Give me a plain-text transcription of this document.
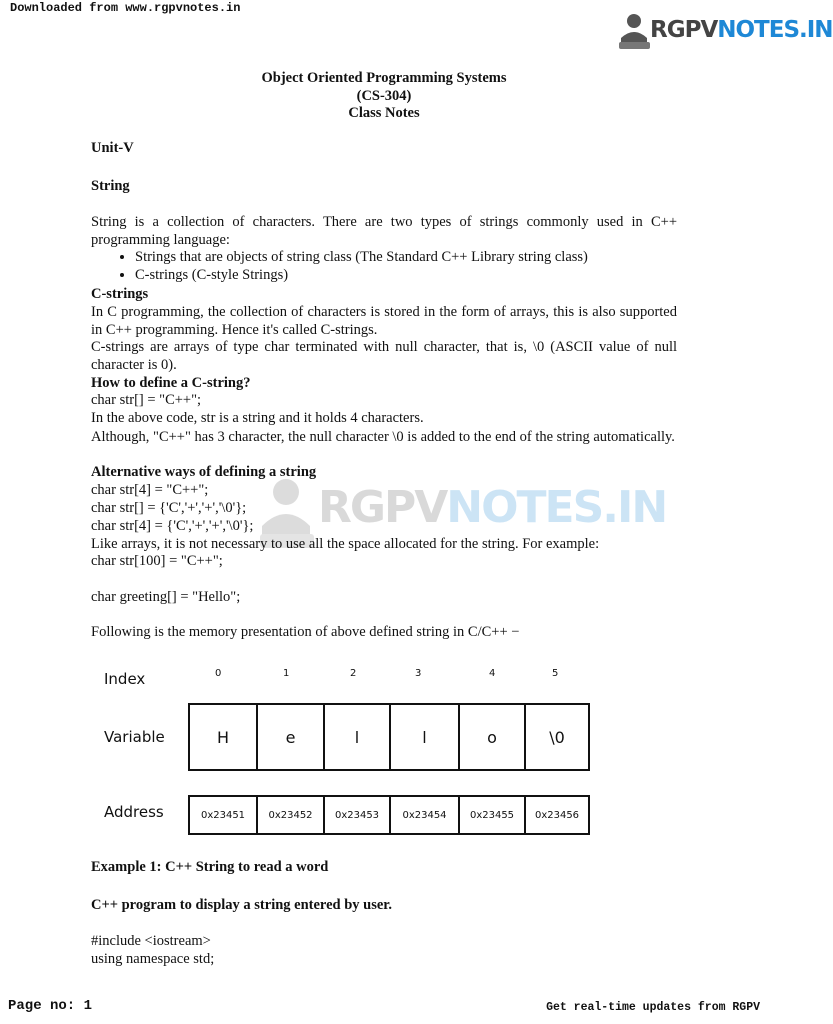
Downloaded from www.rgpvnotes.in
RGPVNOTES.IN
RGPVNOTES.IN
Object Oriented Programming Systems
(CS-304)
Class Notes
Unit-V
String
String is a collection of characters. There are two types of strings commonly used in C++ programming language:
• Strings that are objects of string class (The Standard C++ Library string class)
• C-strings (C-style Strings)
C-strings
In C programming, the collection of characters is stored in the form of arrays, this is also supported in C++ programming. Hence it's called C-strings.
C-strings are arrays of type char terminated with null character, that is, \0 (ASCII value of null character is 0).
How to define a C-string?
char str[] = "C++";
In the above code, str is a string and it holds 4 characters.
Although, "C++" has 3 character, the null character \0 is added to the end of the string automatically.
Alternative ways of defining a string
char str[4] = "C++";
char str[] = {'C','+','+','\0'};
char str[4] = {'C','+','+','\0'};
Like arrays, it is not necessary to use all the space allocated for the string. For example:
char str[100] = "C++";
char greeting[] = "Hello";
Following is the memory presentation of above defined string in C/C++ −
Index
Variable
Address
0	1	2	3	4	5
H	e	l	l	o	\0
0x23451	0x23452	0x23453	0x23454	0x23455	0x23456
Example 1: C++ String to read a word
C++ program to display a string entered by user.
#include <iostream>
using namespace std;
Page no: 1	Get real-time updates from RGPV
